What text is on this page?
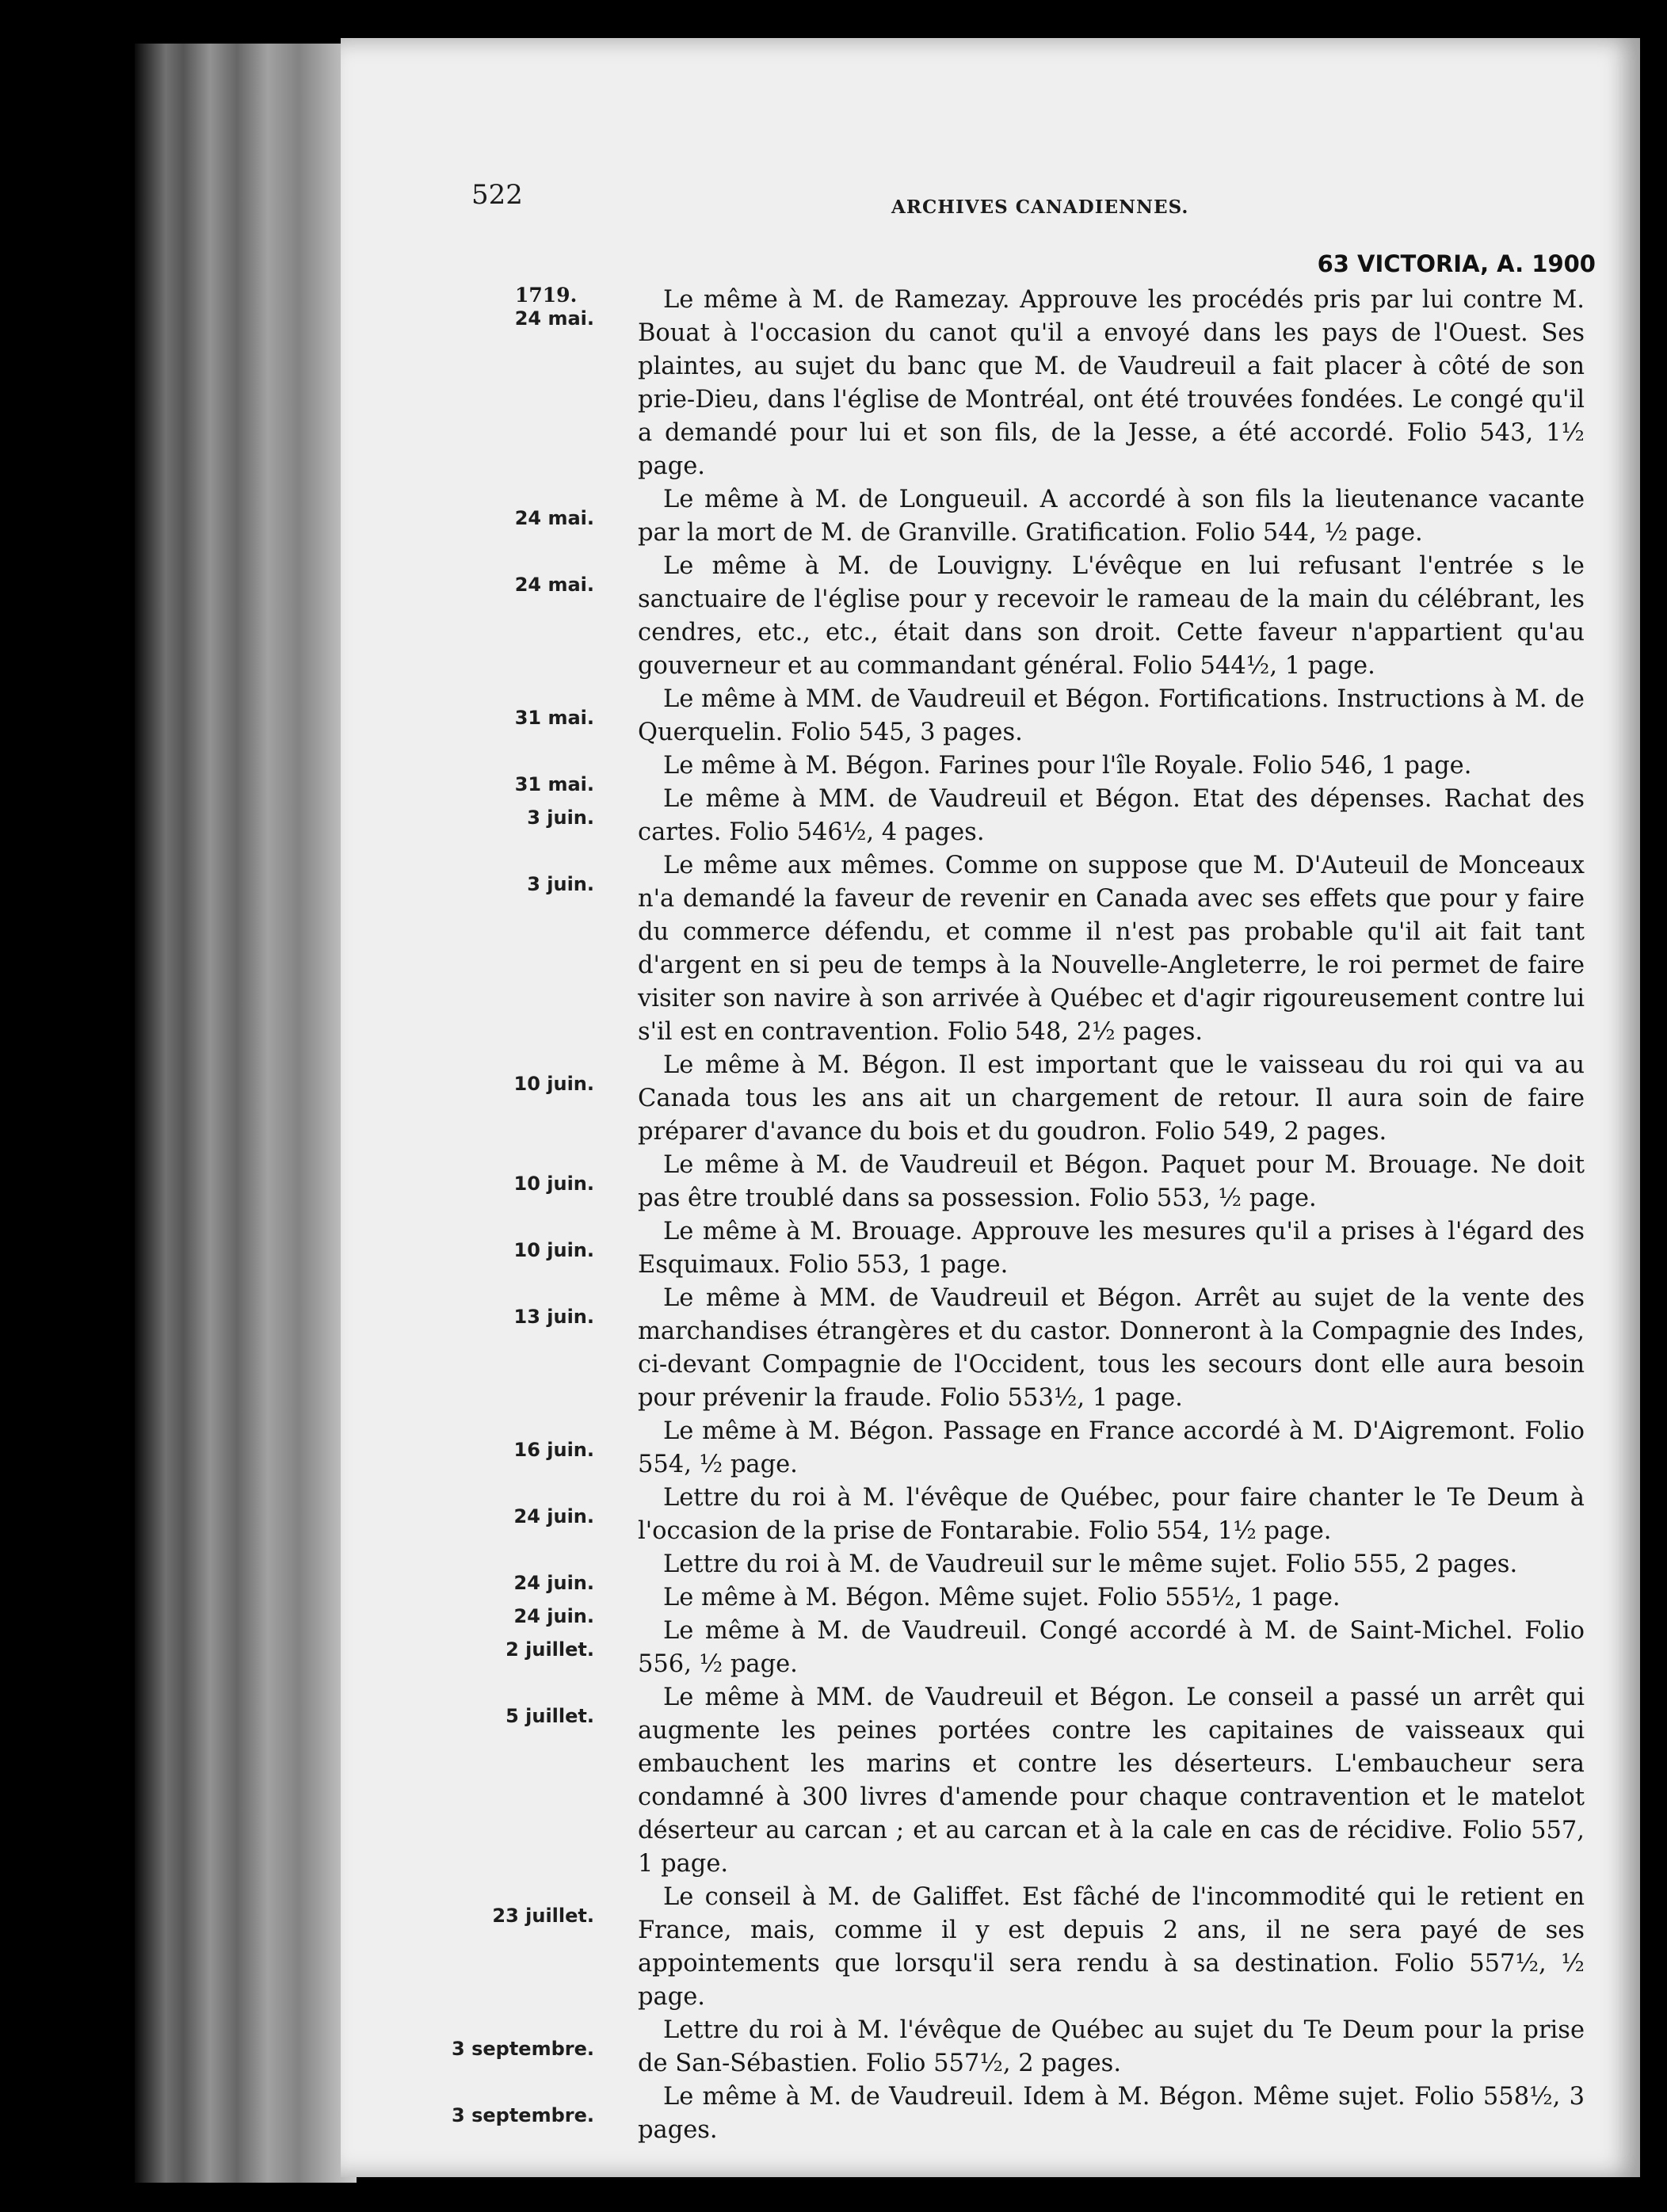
522	ARCHIVES CANADIENNES.
63 VICTORIA, A. 1900
1719.
24 mai.
Le même à M. de Ramezay. Approuve les procédés pris par lui contre M. Bouat à l'occasion du canot qu'il a envoyé dans les pays de l'Ouest. Ses plaintes, au sujet du banc que M. de Vaudreuil a fait placer à côté de son prie-Dieu, dans l'église de Montréal, ont été trouvées fondées. Le congé qu'il a demandé pour lui et son fils, de la Jesse, a été accordé. Folio 543, 1½ page.
24 mai.
Le même à M. de Longueuil. A accordé à son fils la lieutenance vacante par la mort de M. de Granville. Gratification. Folio 544, ½ page.
24 mai.
Le même à M. de Louvigny. L'évêque en lui refusant l'entrée s le sanctuaire de l'église pour y recevoir le rameau de la main du célébrant, les cendres, etc., etc., était dans son droit. Cette faveur n'appartient qu'au gouverneur et au commandant général. Folio 544½, 1 page.
31 mai.
Le même à MM. de Vaudreuil et Bégon. Fortifications. Instructions à M. de Querquelin. Folio 545, 3 pages.
31 mai.
Le même à M. Bégon. Farines pour l'île Royale. Folio 546, 1 page.
3 juin.
Le même à MM. de Vaudreuil et Bégon. Etat des dépenses. Rachat des cartes. Folio 546½, 4 pages.
3 juin.
Le même aux mêmes. Comme on suppose que M. D'Auteuil de Monceaux n'a demandé la faveur de revenir en Canada avec ses effets que pour y faire du commerce défendu, et comme il n'est pas probable qu'il ait fait tant d'argent en si peu de temps à la Nouvelle-Angleterre, le roi permet de faire visiter son navire à son arrivée à Québec et d'agir rigoureusement contre lui s'il est en contravention. Folio 548, 2½ pages.
10 juin.
Le même à M. Bégon. Il est important que le vaisseau du roi qui va au Canada tous les ans ait un chargement de retour. Il aura soin de faire préparer d'avance du bois et du goudron. Folio 549, 2 pages.
10 juin.
Le même à M. de Vaudreuil et Bégon. Paquet pour M. Brouage. Ne doit pas être troublé dans sa possession. Folio 553, ½ page.
10 juin.
Le même à M. Brouage. Approuve les mesures qu'il a prises à l'égard des Esquimaux. Folio 553, 1 page.
13 juin.
Le même à MM. de Vaudreuil et Bégon. Arrêt au sujet de la vente des marchandises étrangères et du castor. Donneront à la Compagnie des Indes, ci-devant Compagnie de l'Occident, tous les secours dont elle aura besoin pour prévenir la fraude. Folio 553½, 1 page.
16 juin.
Le même à M. Bégon. Passage en France accordé à M. D'Aigremont. Folio 554, ½ page.
24 juin.
Lettre du roi à M. l'évêque de Québec, pour faire chanter le Te Deum à l'occasion de la prise de Fontarabie. Folio 554, 1½ page.
24 juin.
Lettre du roi à M. de Vaudreuil sur le même sujet. Folio 555, 2 pages.
24 juin.
Le même à M. Bégon. Même sujet. Folio 555½, 1 page.
2 juillet.
Le même à M. de Vaudreuil. Congé accordé à M. de Saint-Michel. Folio 556, ½ page.
5 juillet.
Le même à MM. de Vaudreuil et Bégon. Le conseil a passé un arrêt qui augmente les peines portées contre les capitaines de vaisseaux qui embauchent les marins et contre les déserteurs. L'embaucheur sera condamné à 300 livres d'amende pour chaque contravention et le matelot déserteur au carcan ; et au carcan et à la cale en cas de récidive. Folio 557, 1 page.
23 juillet.
Le conseil à M. de Galiffet. Est fâché de l'incommodité qui le retient en France, mais, comme il y est depuis 2 ans, il ne sera payé de ses appointements que lorsqu'il sera rendu à sa destination. Folio 557½, ½ page.
3 septembre.
Lettre du roi à M. l'évêque de Québec au sujet du Te Deum pour la prise de San-Sébastien. Folio 557½, 2 pages.
3 septembre.
Le même à M. de Vaudreuil. Idem à M. Bégon. Même sujet. Folio 558½, 3 pages.
